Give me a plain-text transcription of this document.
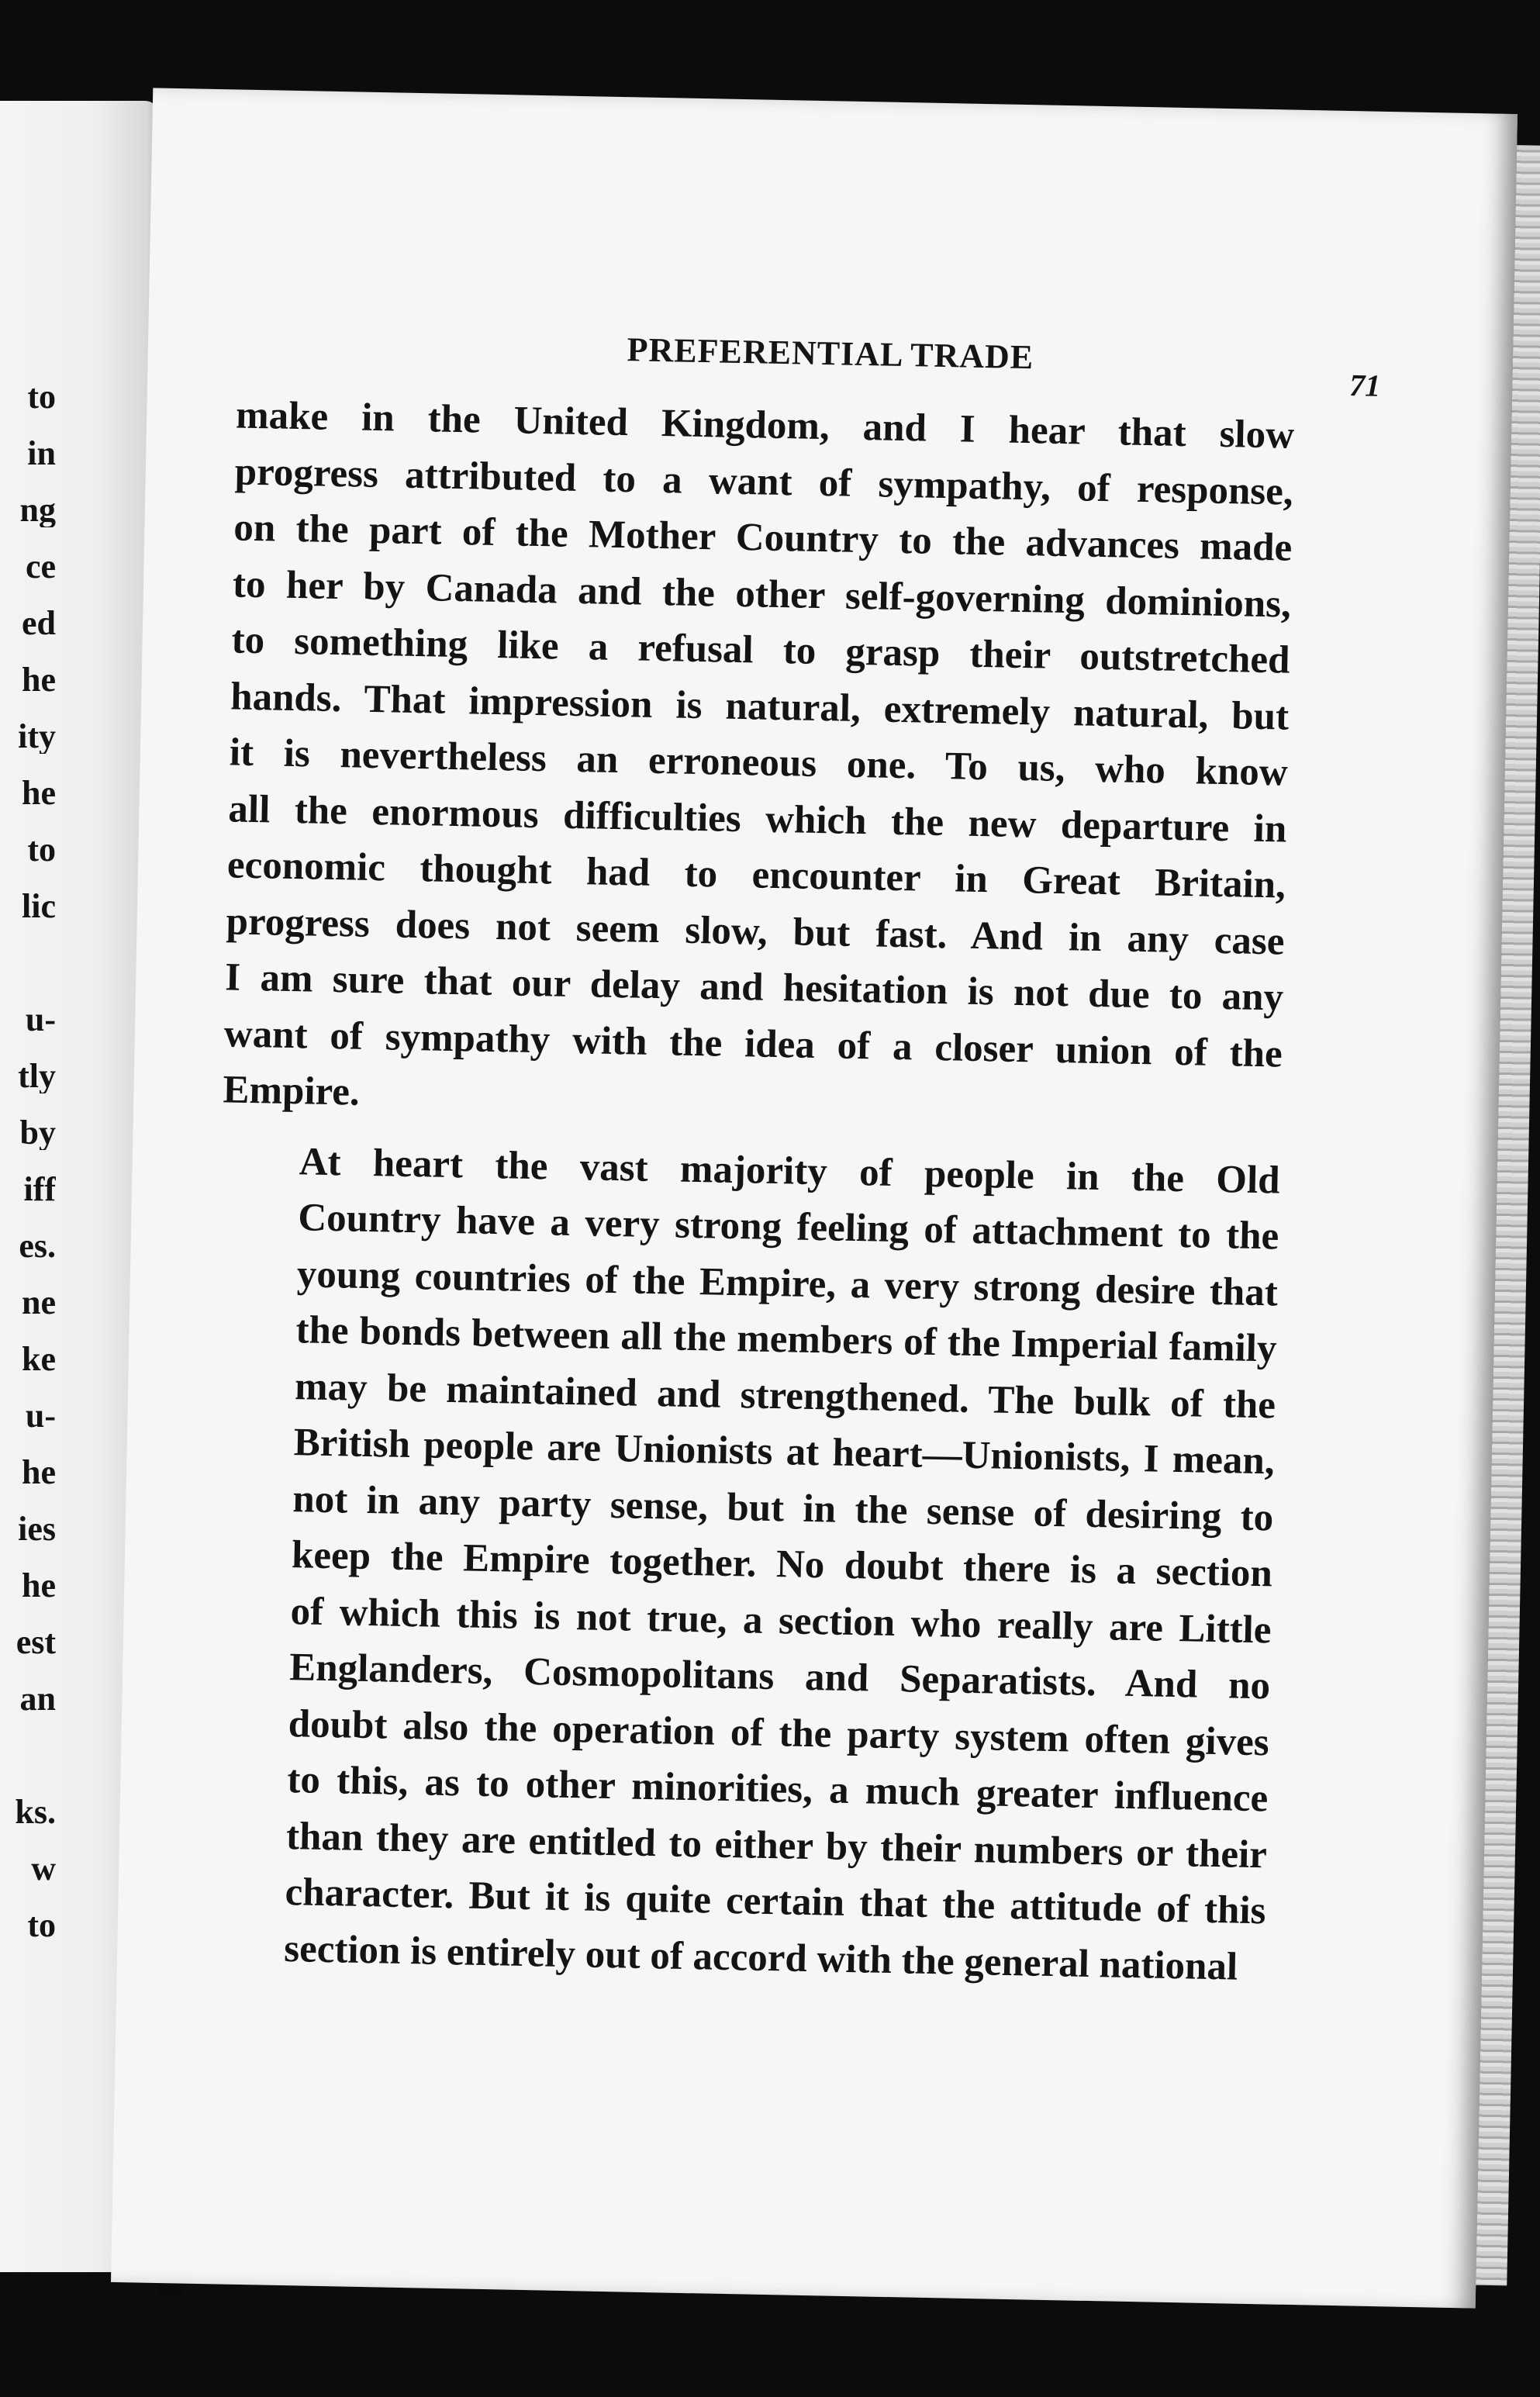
to
in
ng
ce
ed
he
ity
he
to
lic
u-
tly
by
iff
es.
ne
ke
u-
he
ies
he
est
an
ks.
w
to
PREFERENTIAL TRADE
71

make in the United Kingdom, and I hear that slow
progress attributed to a want of sympathy, of response,
on the part of the Mother Country to the advances made
to her by Canada and the other self-governing dominions,
to something like a refusal to grasp their outstretched
hands. That impression is natural, extremely natural, but
it is nevertheless an erroneous one. To us, who know
all the enormous difficulties which the new departure in
economic thought had to encounter in Great Britain,
progress does not seem slow, but fast. And in any case
I am sure that our delay and hesitation is not due to any
want of sympathy with the idea of a closer union of the
Empire.

At heart the vast majority of people in the Old
Country have a very strong feeling of attachment to the
young countries of the Empire, a very strong desire that
the bonds between all the members of the Imperial family
may be maintained and strengthened. The bulk of the
British people are Unionists at heart—Unionists, I mean,
not in any party sense, but in the sense of desiring to
keep the Empire together. No doubt there is a section
of which this is not true, a section who really are Little
Englanders, Cosmopolitans and Separatists. And no
doubt also the operation of the party system often gives
to this, as to other minorities, a much greater influence
than they are entitled to either by their numbers or their
character. But it is quite certain that the attitude of this
section is entirely out of accord with the general national
